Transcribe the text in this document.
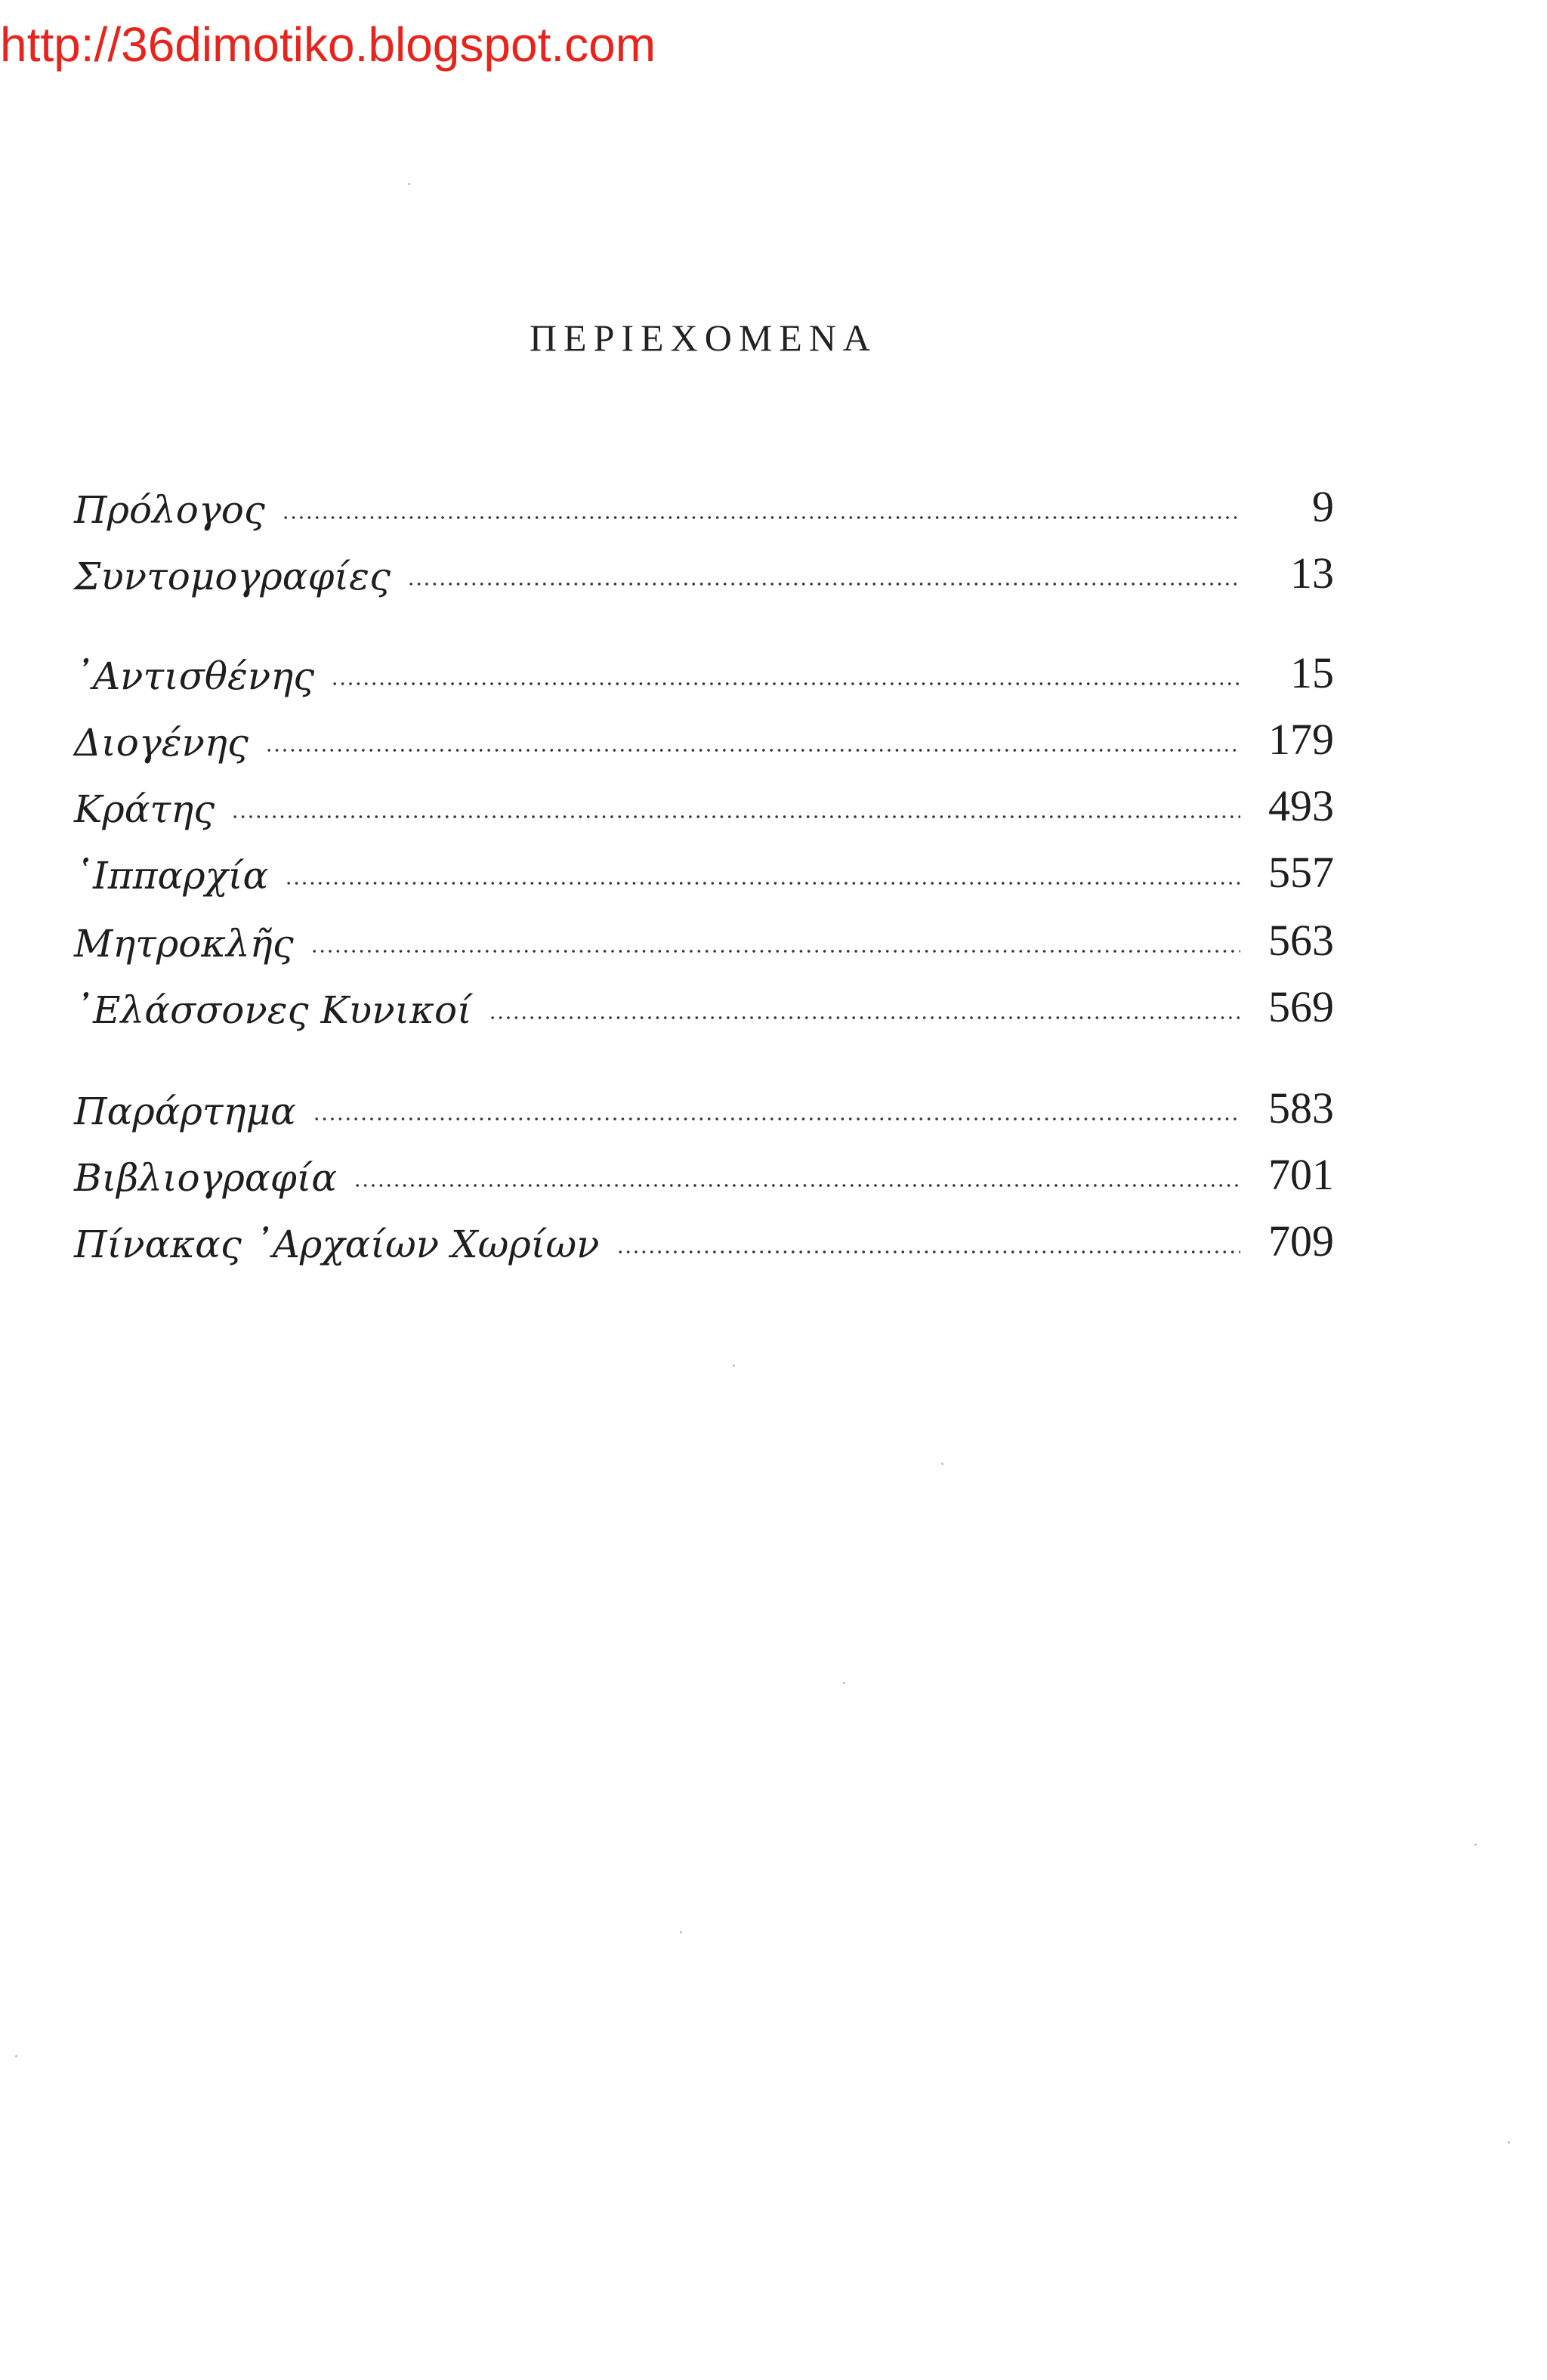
http://36dimotiko.blogspot.com
ΠΕΡΙΕΧΟΜΕΝΑ
Πρόλογος	9
Συντομογραφίες	13
᾿Αντισθένης	15
Διογένης	179
Κράτης	493
῾Ιππαρχία	557
Μητροκλῆς	563
᾿Ελάσσονες Κυνικοί	569
Παράρτημα	583
Βιβλιογραφία	701
Πίνακας ᾿Αρχαίων Χωρίων	709
